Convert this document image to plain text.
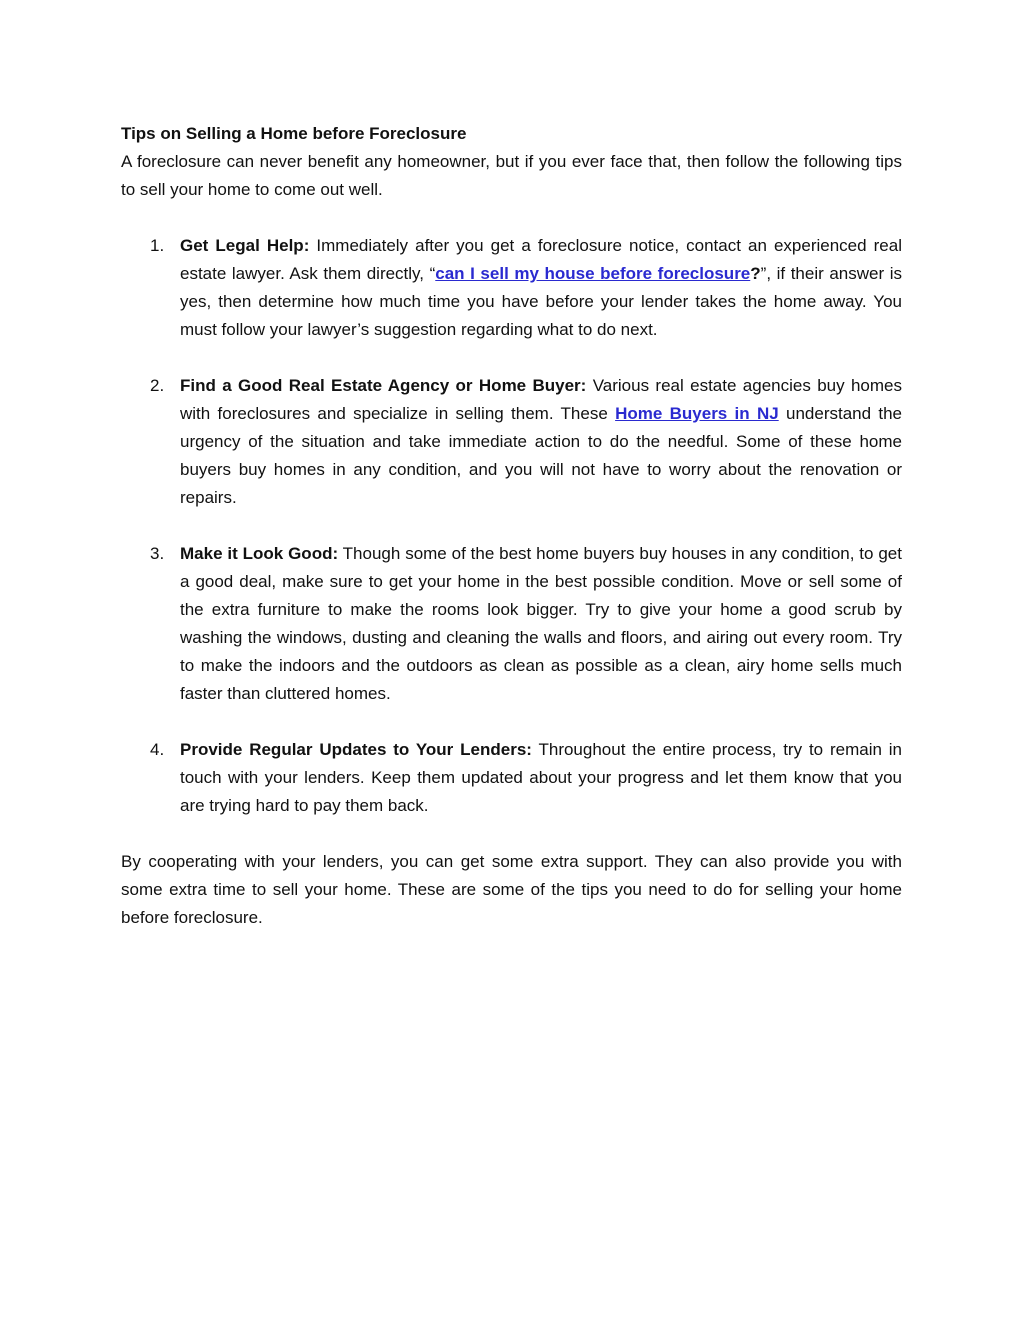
Tips on Selling a Home before Foreclosure

A foreclosure can never benefit any homeowner, but if you ever face that, then follow the following tips to sell your home to come out well.

1. Get Legal Help: Immediately after you get a foreclosure notice, contact an experienced real estate lawyer. Ask them directly, “can I sell my house before foreclosure?”, if their answer is yes, then determine how much time you have before your lender takes the home away. You must follow your lawyer’s suggestion regarding what to do next.
2. Find a Good Real Estate Agency or Home Buyer: Various real estate agencies buy homes with foreclosures and specialize in selling them. These Home Buyers in NJ understand the urgency of the situation and take immediate action to do the needful. Some of these home buyers buy homes in any condition, and you will not have to worry about the renovation or repairs.
3. Make it Look Good: Though some of the best home buyers buy houses in any condition, to get a good deal, make sure to get your home in the best possible condition. Move or sell some of the extra furniture to make the rooms look bigger. Try to give your home a good scrub by washing the windows, dusting and cleaning the walls and floors, and airing out every room. Try to make the indoors and the outdoors as clean as possible as a clean, airy home sells much faster than cluttered homes.
4. Provide Regular Updates to Your Lenders: Throughout the entire process, try to remain in touch with your lenders. Keep them updated about your progress and let them know that you are trying hard to pay them back.

By cooperating with your lenders, you can get some extra support. They can also provide you with some extra time to sell your home. These are some of the tips you need to do for selling your home before foreclosure.
